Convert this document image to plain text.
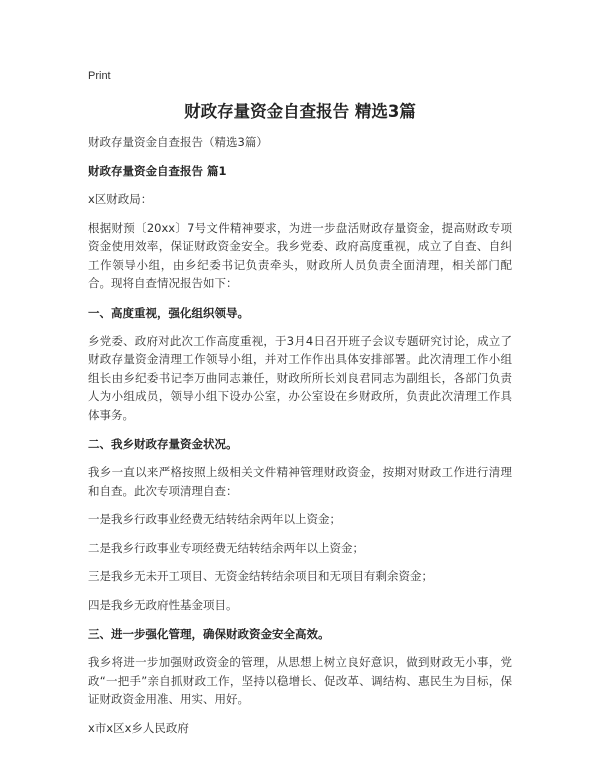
Print

财政存量资金自查报告 精选3篇

财政存量资金自查报告（精选3篇）

财政存量资金自查报告 篇1

x区财政局：

根据财预〔20xx〕7号文件精神要求，为进一步盘活财政存量资金，提高财政专项资金使用效率，保证财政资金安全。我乡党委、政府高度重视，成立了自查、自纠工作领导小组，由乡纪委书记负责牵头，财政所人员负责全面清理，相关部门配合。现将自查情况报告如下：

一、高度重视，强化组织领导。

乡党委、政府对此次工作高度重视，于3月4日召开班子会议专题研究讨论，成立了财政存量资金清理工作领导小组，并对工作作出具体安排部署。此次清理工作小组组长由乡纪委书记李万曲同志兼任，财政所所长刘良君同志为副组长，各部门负责人为小组成员，领导小组下设办公室，办公室设在乡财政所，负责此次清理工作具体事务。

二、我乡财政存量资金状况。

我乡一直以来严格按照上级相关文件精神管理财政资金，按期对财政工作进行清理和自查。此次专项清理自查：

一是我乡行政事业经费无结转结余两年以上资金；

二是我乡行政事业专项经费无结转结余两年以上资金；

三是我乡无未开工项目、无资金结转结余项目和无项目有剩余资金；

四是我乡无政府性基金项目。

三、进一步强化管理，确保财政资金安全高效。

我乡将进一步加强财政资金的管理，从思想上树立良好意识，做到财政无小事，党政“一把手”亲自抓财政工作，坚持以稳增长、促改革、调结构、惠民生为目标，保证财政资金用准、用实、用好。

x市x区x乡人民政府
